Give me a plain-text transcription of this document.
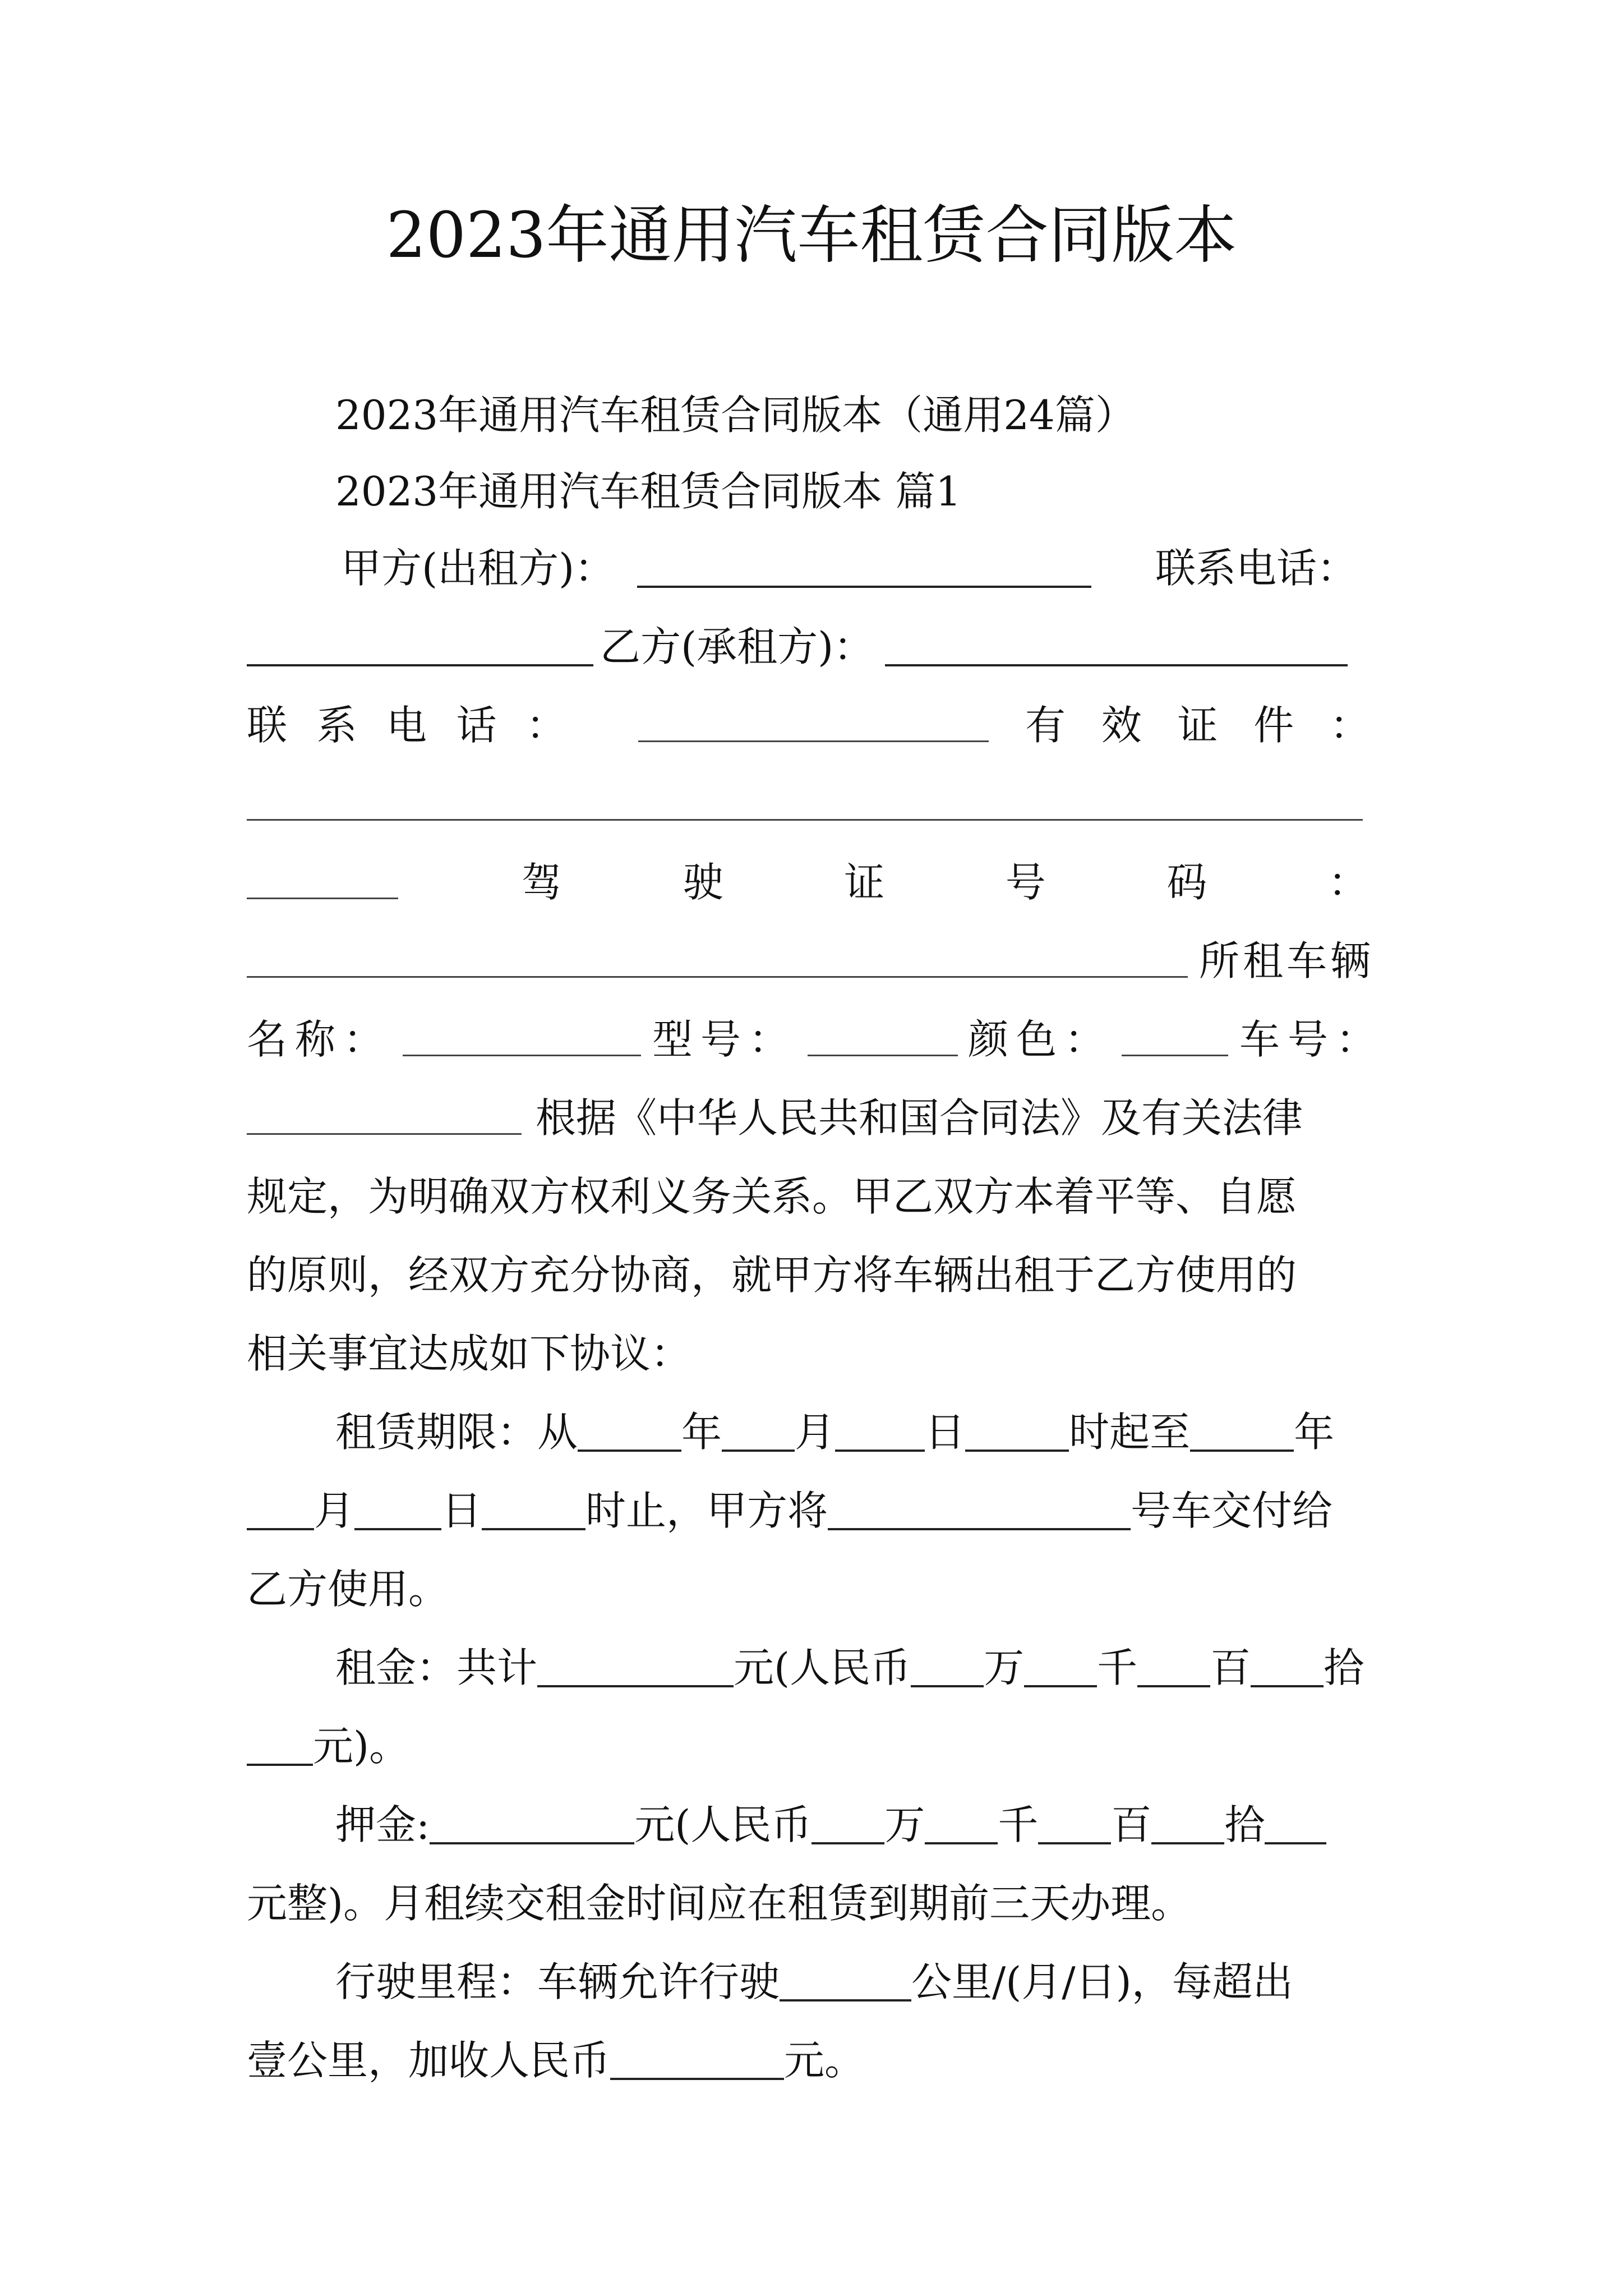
2023年通用汽车租赁合同版本
2023年通用汽车租赁合同版本（通用24篇）
2023年通用汽车租赁合同版本 篇1
甲方(出租方)：	联系电话：
乙方(承租方)：
联 系 电 话 ：	有 效 证 件 ：
驾	驶	证	号	码	：
所租车辆
名称：	型号：	颜色：	车号：
根据《中华人民共和国合同法》及有关法律
规定，为明确双方权利义务关系。甲乙双方本着平等、自愿
的原则，经双方充分协商，就甲方将车辆出租于乙方使用的
相关事宜达成如下协议：
租赁期限：从	年 月 日	时起至	年
月 日	时止，甲方将	号车交付给
乙方使用。
租金：共计	元(人民币 万 千 百 拾
元)。
押金:	元(人民币 万 千 百 拾
元整)。月租续交租金时间应在租赁到期前三天办理。
行驶里程：车辆允许行驶	公里/(月/日)，每超出
壹公里，加收人民币	元。
